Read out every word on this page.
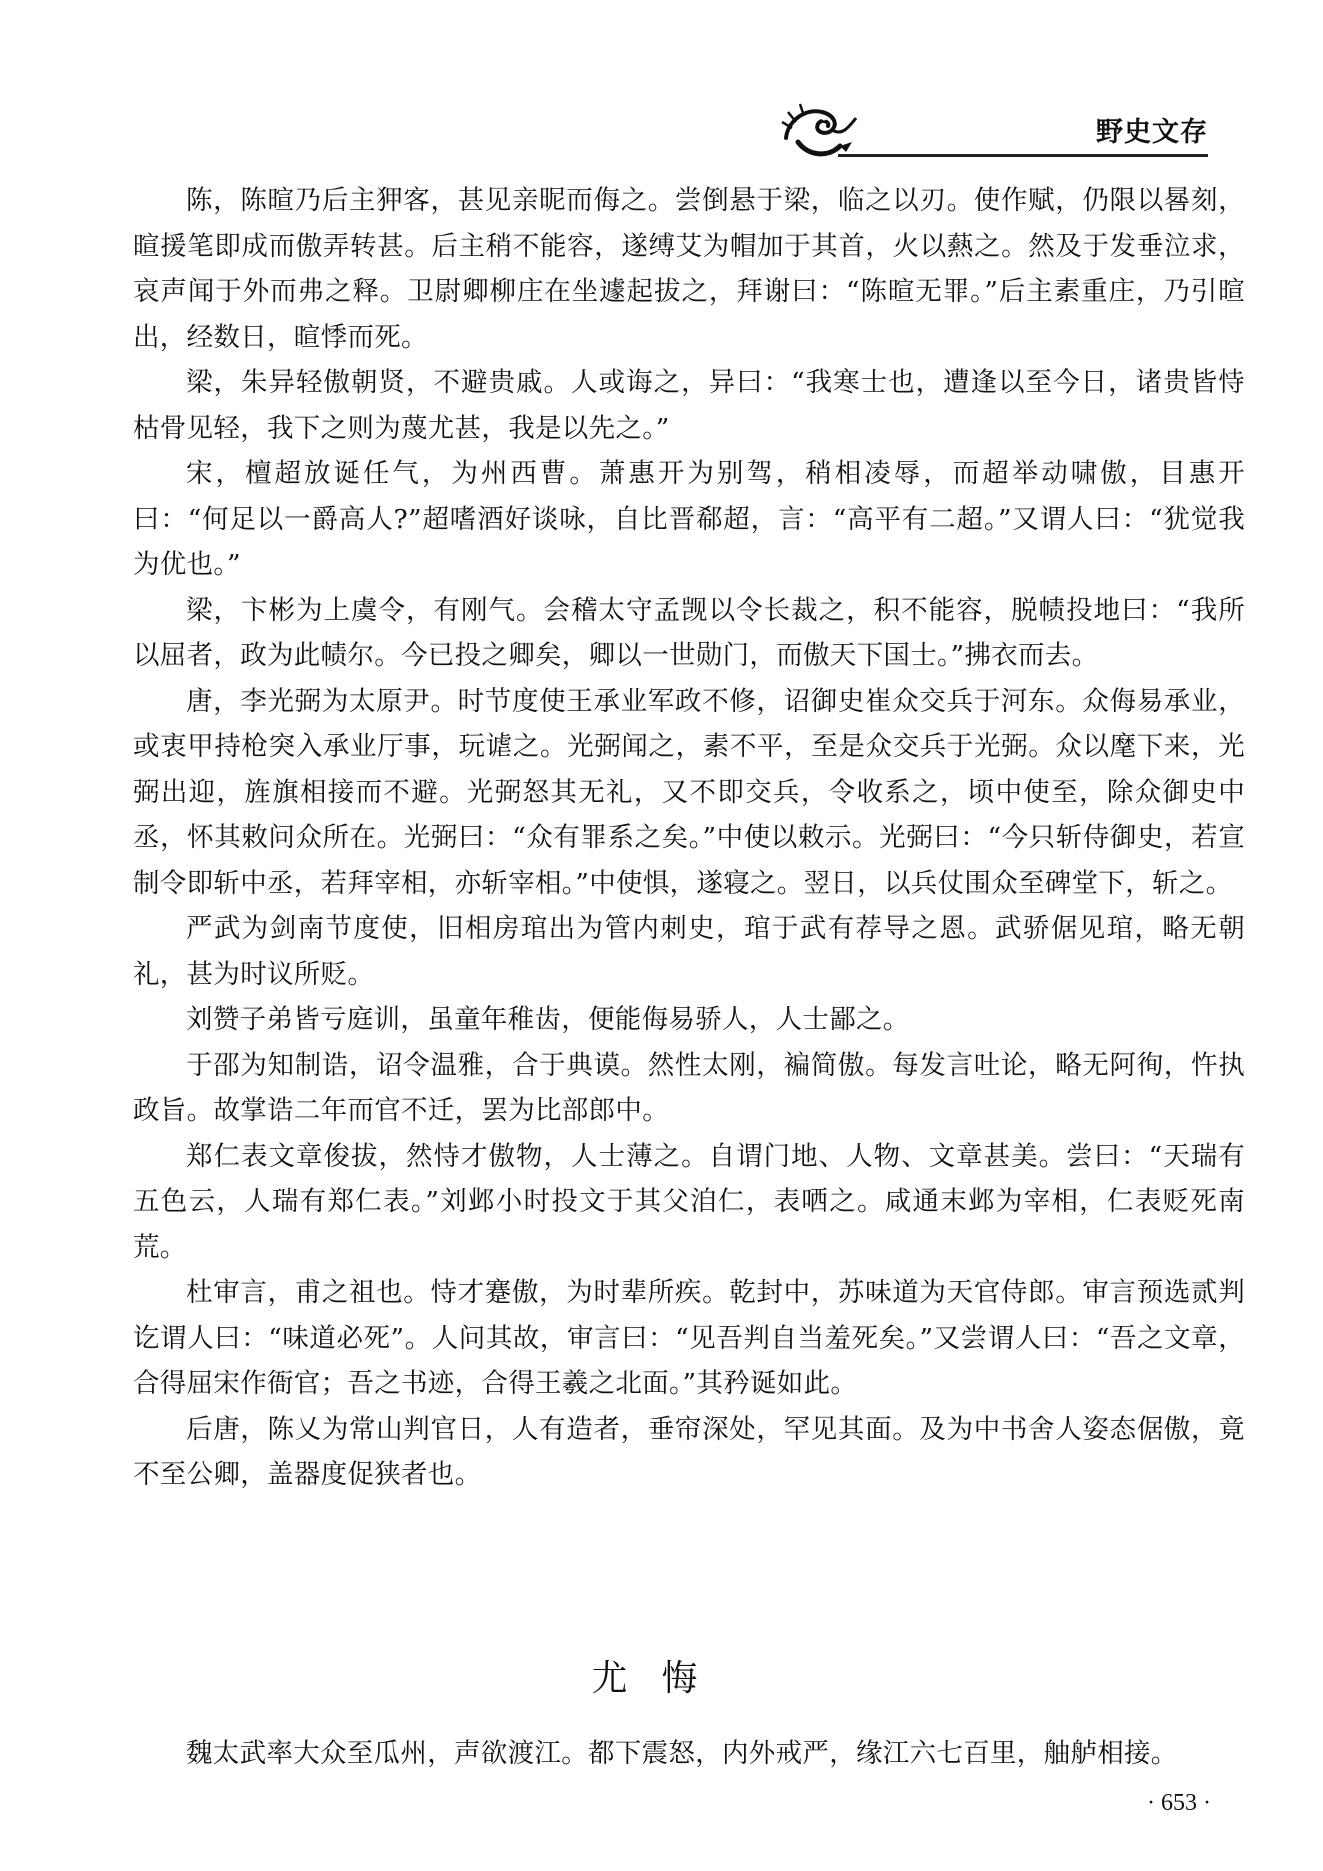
野史文存

陈，陈暄乃后主狎客，甚见亲昵而侮之。尝倒悬于梁，临之以刃。使作赋，仍限以晷刻，暄援笔即成而傲弄转甚。后主稍不能容，遂缚艾为帽加于其首，火以爇之。然及于发垂泣求，哀声闻于外而弗之释。卫尉卿柳庄在坐遽起拔之，拜谢曰：“陈暄无罪。”后主素重庄，乃引暄出，经数日，暄悸而死。

梁，朱异轻傲朝贤，不避贵戚。人或诲之，异曰：“我寒士也，遭逢以至今日，诸贵皆恃枯骨见轻，我下之则为蔑尤甚，我是以先之。”

宋，檀超放诞任气，为州西曹。萧惠开为别驾，稍相凌辱，而超举动啸傲，目惠开曰：“何足以一爵高人?”超嗜酒好谈咏，自比晋郗超，言：“高平有二超。”又谓人曰：“犹觉我为优也。”

梁，卞彬为上虞令，有刚气。会稽太守孟觊以令长裁之，积不能容，脱帻投地曰：“我所以屈者，政为此帻尔。今已投之卿矣，卿以一世勋门，而傲天下国士。”拂衣而去。

唐，李光弼为太原尹。时节度使王承业军政不修，诏御史崔众交兵于河东。众侮易承业，或衷甲持枪突入承业厅事，玩谑之。光弼闻之，素不平，至是众交兵于光弼。众以麾下来，光弼出迎，旌旗相接而不避。光弼怒其无礼，又不即交兵，令收系之，顷中使至，除众御史中丞，怀其敕问众所在。光弼曰：“众有罪系之矣。”中使以敕示。光弼曰：“今只斩侍御史，若宣制令即斩中丞，若拜宰相，亦斩宰相。”中使惧，遂寝之。翌日，以兵仗围众至碑堂下，斩之。

严武为剑南节度使，旧相房琯出为管内刺史，琯于武有荐导之恩。武骄倨见琯，略无朝礼，甚为时议所贬。

刘赞子弟皆亏庭训，虽童年稚齿，便能侮易骄人，人士鄙之。

于邵为知制诰，诏令温雅，合于典谟。然性太刚，褊简傲。每发言吐论，略无阿徇，忤执政旨。故掌诰二年而官不迁，罢为比部郎中。

郑仁表文章俊拔，然恃才傲物，人士薄之。自谓门地、人物、文章甚美。尝曰：“天瑞有五色云，人瑞有郑仁表。”刘邺小时投文于其父洎仁，表哂之。咸通末邺为宰相，仁表贬死南荒。

杜审言，甫之祖也。恃才蹇傲，为时辈所疾。乾封中，苏味道为天官侍郎。审言预选贰判讫谓人曰：“味道必死”。人问其故，审言曰：“见吾判自当羞死矣。”又尝谓人曰：“吾之文章，合得屈宋作衙官；吾之书迹，合得王羲之北面。”其矜诞如此。

后唐，陈乂为常山判官日，人有造者，垂帘深处，罕见其面。及为中书舍人姿态倨傲，竟不至公卿，盖器度促狭者也。

尤悔

魏太武率大众至瓜州，声欲渡江。都下震怒，内外戒严，缘江六七百里，舳舻相接。

· 653 ·
